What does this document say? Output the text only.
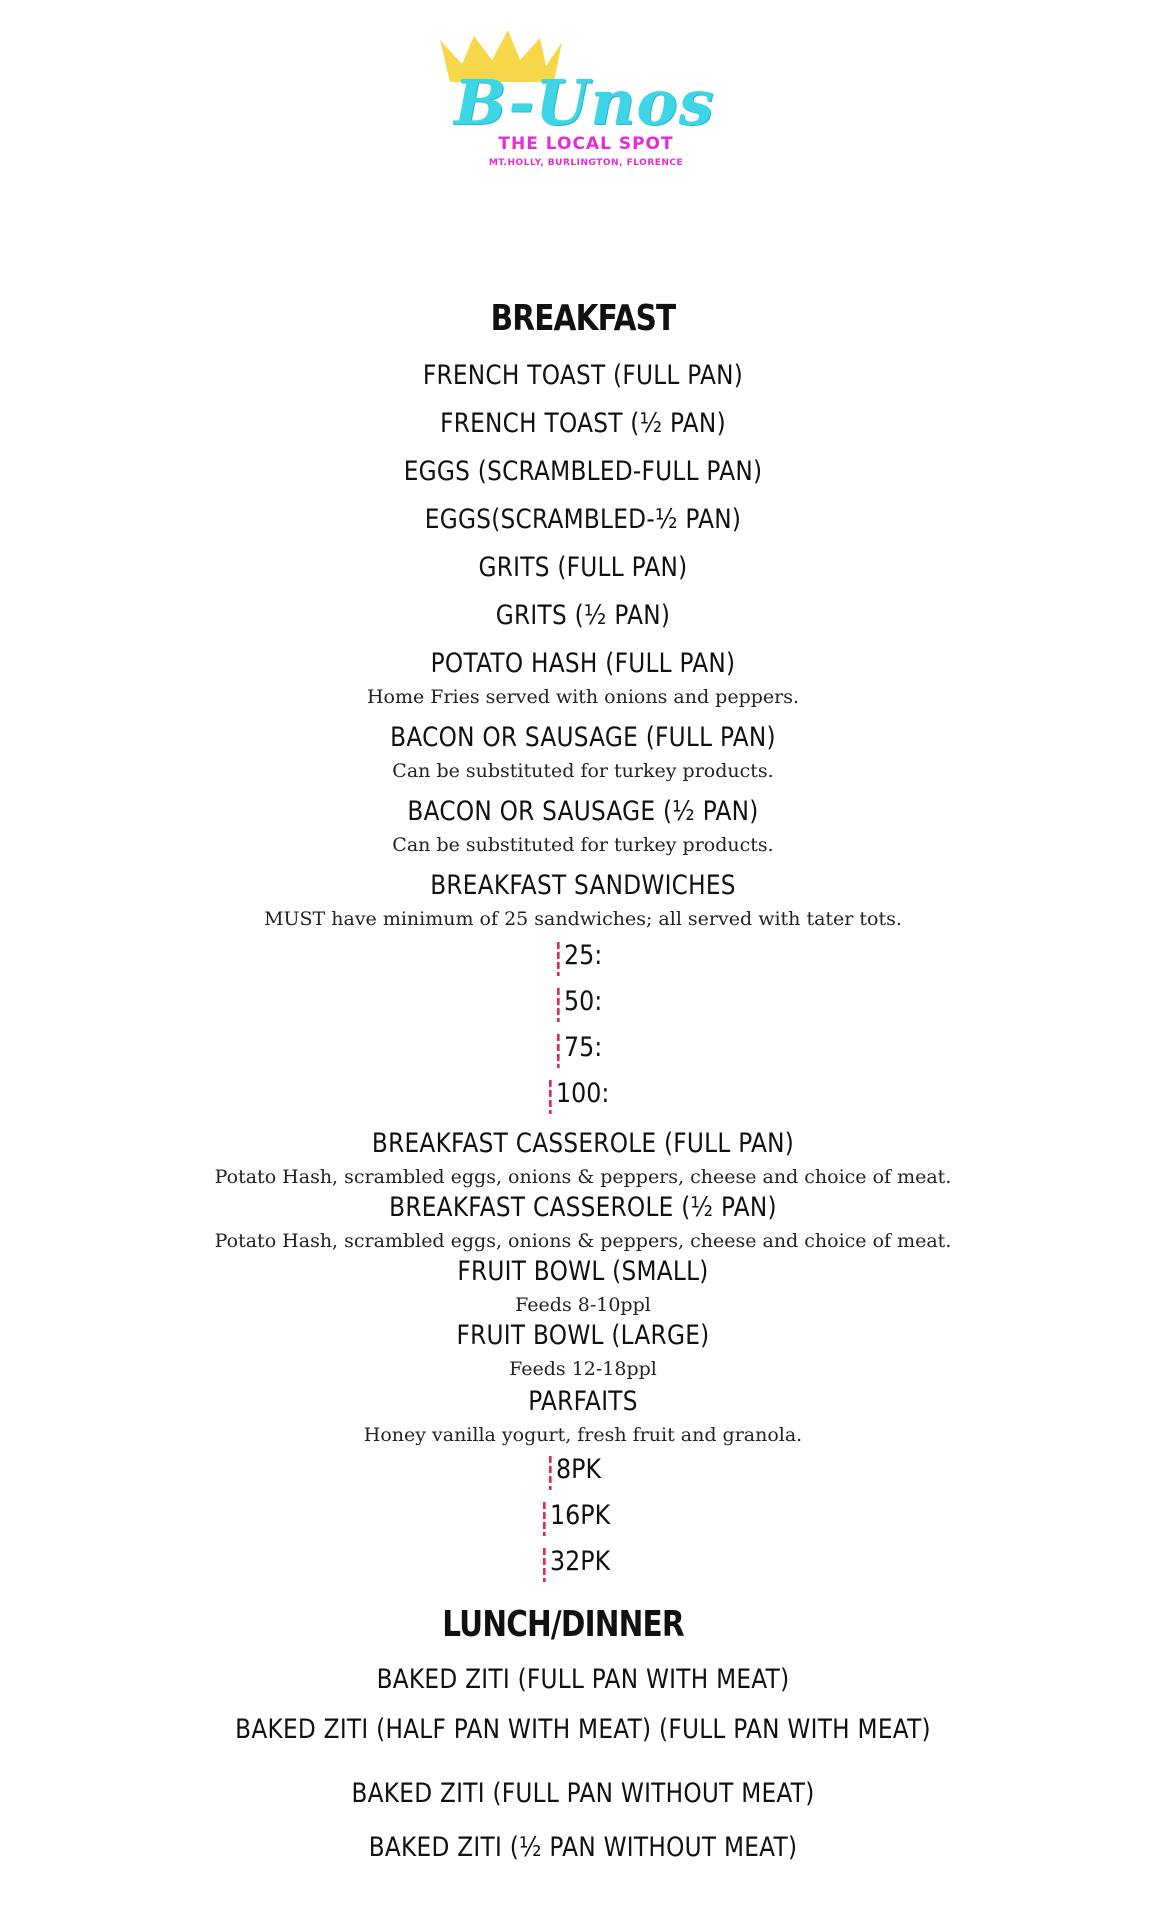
B-Unos
THE LOCAL SPOT
MT.HOLLY, BURLINGTON, FLORENCE
BREAKFAST
FRENCH TOAST (FULL PAN)
FRENCH TOAST (½ PAN)
EGGS (SCRAMBLED-FULL PAN)
EGGS(SCRAMBLED-½ PAN)
GRITS (FULL PAN)
GRITS (½ PAN)
POTATO HASH (FULL PAN)
Home Fries served with onions and peppers.
BACON OR SAUSAGE (FULL PAN)
Can be substituted for turkey products.
BACON OR SAUSAGE (½ PAN)
Can be substituted for turkey products.
BREAKFAST SANDWICHES
MUST have minimum of 25 sandwiches; all served with tater tots.
25:
50:
75:
100:
BREAKFAST CASSEROLE (FULL PAN)
Potato Hash, scrambled eggs, onions & peppers, cheese and choice of meat.
BREAKFAST CASSEROLE (½ PAN)
Potato Hash, scrambled eggs, onions & peppers, cheese and choice of meat.
FRUIT BOWL (SMALL)
Feeds 8-10ppl
FRUIT BOWL (LARGE)
Feeds 12-18ppl
PARFAITS
Honey vanilla yogurt, fresh fruit and granola.
8PK
16PK
32PK
LUNCH/DINNER
BAKED ZITI (FULL PAN WITH MEAT)
BAKED ZITI (HALF PAN WITH MEAT) (FULL PAN WITH MEAT)
BAKED ZITI (FULL PAN WITHOUT MEAT)
BAKED ZITI (½ PAN WITHOUT MEAT)
